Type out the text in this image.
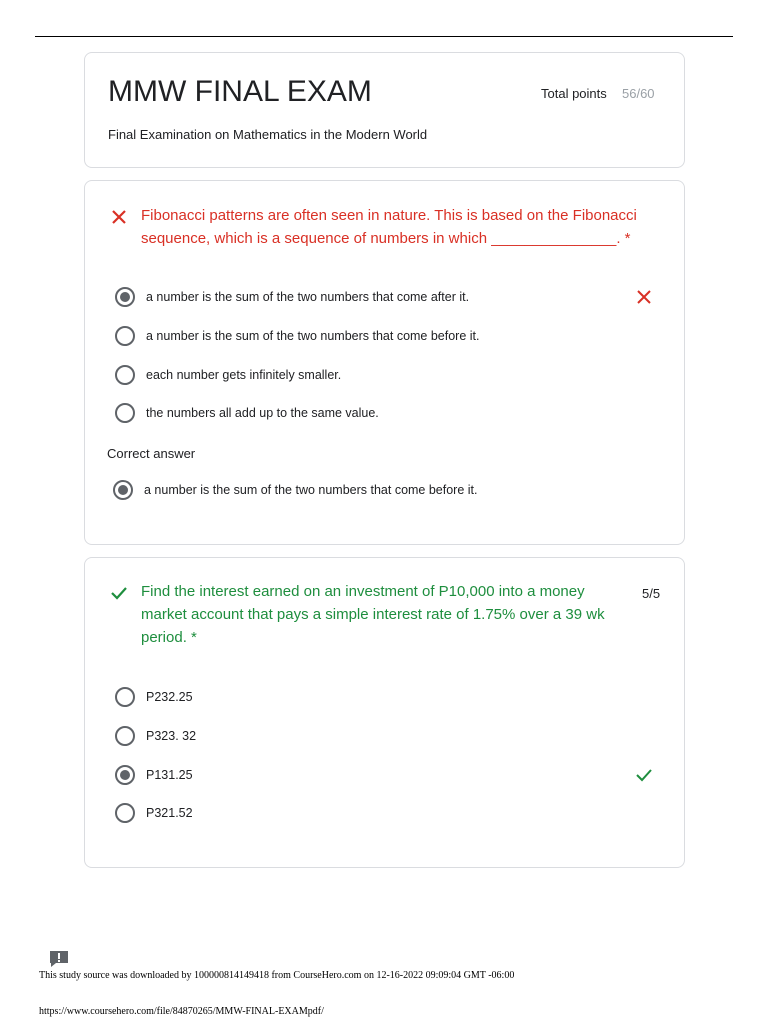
MMW FINAL EXAM	Total points 56/60
Final Examination on Mathematics in the Modern World
Fibonacci patterns are often seen in nature. This is based on the Fibonacci sequence, which is a sequence of numbers in which _______________. *
a number is the sum of the two numbers that come after it.
a number is the sum of the two numbers that come before it.
each number gets infinitely smaller.
the numbers all add up to the same value.
Correct answer
a number is the sum of the two numbers that come before it.
Find the interest earned on an investment of P10,000 into a money market account that pays a simple interest rate of 1.75% over a 39 wk period. *
5/5
P232.25
P323. 32
P131.25
P321.52
This study source was downloaded by 100000814149418 from CourseHero.com on 12-16-2022 09:09:04 GMT -06:00
https://www.coursehero.com/file/84870265/MMW-FINAL-EXAMpdf/
